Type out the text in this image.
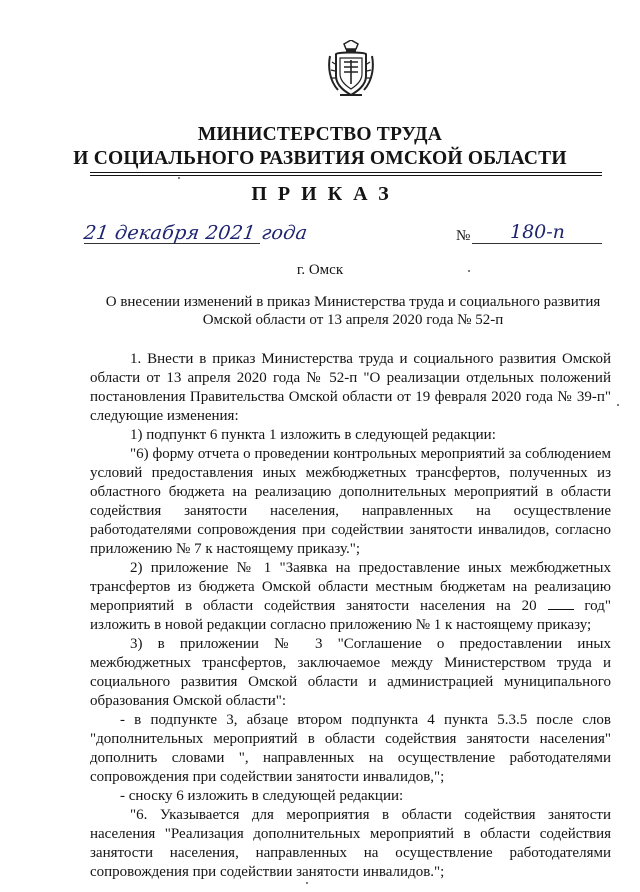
МИНИСТЕРСТВО ТРУДА
И СОЦИАЛЬНОГО РАЗВИТИЯ ОМСКОЙ ОБЛАСТИ
ПРИКАЗ
21 декабря 2021 года	№ 180-п
г. Омск
О внесении изменений в приказ Министерства труда и социального развития Омской области от 13 апреля 2020 года № 52-п

1. Внести в приказ Министерства труда и социального развития Омской области от 13 апреля 2020 года № 52-п "О реализации отдельных положений постановления Правительства Омской области от 19 февраля 2020 года № 39-п" следующие изменения:

1) подпункт 6 пункта 1 изложить в следующей редакции:

"6) форму отчета о проведении контрольных мероприятий за соблюдением условий предоставления иных межбюджетных трансфертов, полученных из областного бюджета на реализацию дополнительных мероприятий в области содействия занятости населения, направленных на осуществление работодателями сопровождения при содействии занятости инвалидов, согласно приложению № 7 к настоящему приказу.";

2) приложение № 1 "Заявка на предоставление иных межбюджетных трансфертов из бюджета Омской области местным бюджетам на реализацию мероприятий в области содействия занятости населения на 20	год" изложить в новой редакции согласно приложению № 1 к настоящему приказу;

3) в приложении № 3 "Соглашение о предоставлении иных межбюджетных трансфертов, заключаемое между Министерством труда и социального развития Омской области и администрацией муниципального образования Омской области":

- в подпункте 3, абзаце втором подпункта 4 пункта 5.3.5 после слов "дополнительных мероприятий в области содействия занятости населения" дополнить словами ", направленных на осуществление работодателями сопровождения при содействии занятости инвалидов,";

- сноску 6 изложить в следующей редакции:

"6. Указывается для мероприятия в области содействия занятости населения "Реализация дополнительных мероприятий в области содействия занятости населения, направленных на осуществление работодателями сопровождения при содействии занятости инвалидов.";
